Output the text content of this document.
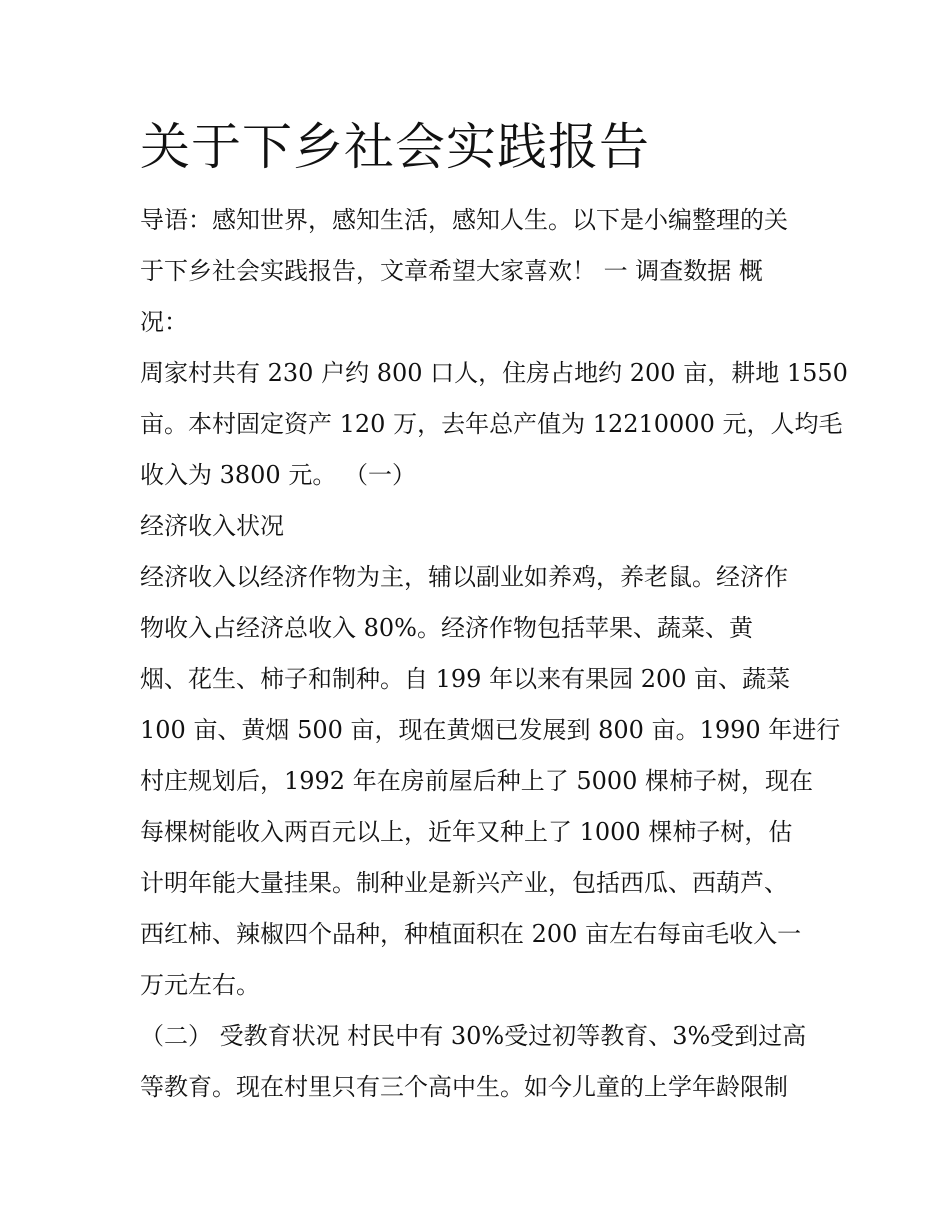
关于下乡社会实践报告

导语：感知世界，感知生活，感知人生。以下是小编整理的关

于下乡社会实践报告，文章希望大家喜欢！ 一 调查数据 概

况：

周家村共有 230 户约 800 口人，住房占地约 200 亩，耕地 1550

亩。本村固定资产 120 万，去年总产值为 12210000 元，人均毛

收入为 3800 元。 （一）

经济收入状况

经济收入以经济作物为主，辅以副业如养鸡，养老鼠。经济作

物收入占经济总收入 80%。经济作物包括苹果、蔬菜、黄

烟、花生、柿子和制种。自 199 年以来有果园 200 亩、蔬菜

100 亩、黄烟 500 亩，现在黄烟已发展到 800 亩。1990 年进行

村庄规划后，1992 年在房前屋后种上了 5000 棵柿子树，现在

每棵树能收入两百元以上，近年又种上了 1000 棵柿子树，估

计明年能大量挂果。制种业是新兴产业，包括西瓜、西葫芦、

西红柿、辣椒四个品种，种植面积在 200 亩左右每亩毛收入一

万元左右。

（二） 受教育状况 村民中有 30%受过初等教育、3%受到过高

等教育。现在村里只有三个高中生。如今儿童的上学年龄限制
